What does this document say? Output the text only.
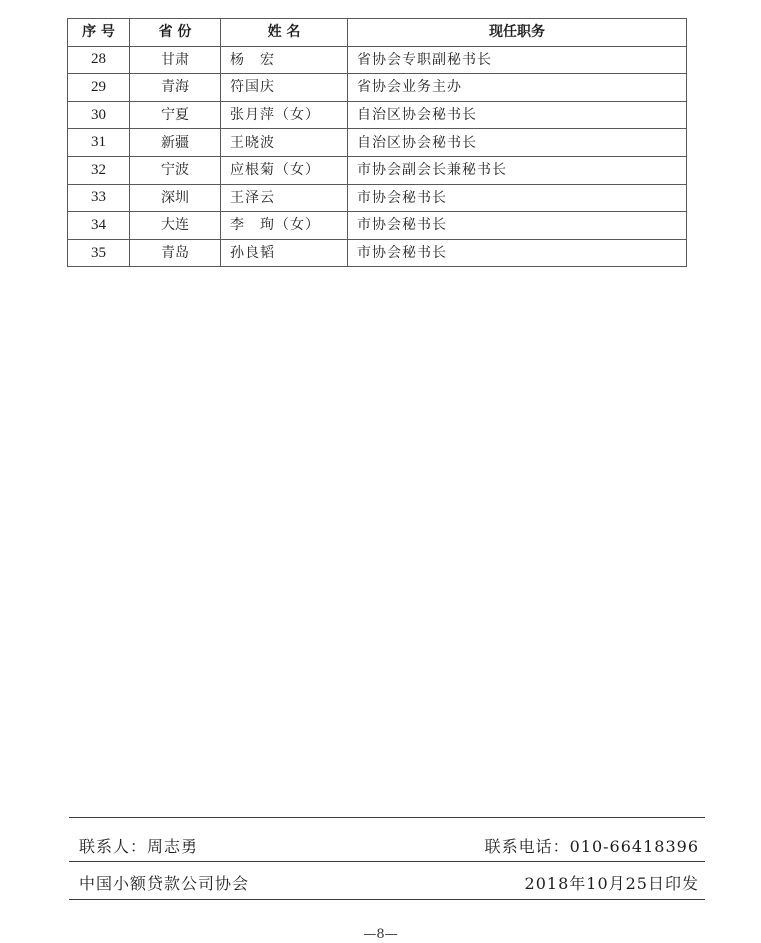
序 号	省 份	姓 名	现任职务
28	甘肃	杨　宏	省协会专职副秘书长
29	青海	符国庆	省协会业务主办
30	宁夏	张月萍（女）	自治区协会秘书长
31	新疆	王晓波	自治区协会秘书长
32	宁波	应根菊（女）	市协会副会长兼秘书长
33	深圳	王泽云	市协会秘书长
34	大连	李　珣（女）	市协会秘书长
35	青岛	孙良韬	市协会秘书长
联系人：周志勇	联系电话：010-66418396
中国小额贷款公司协会	2018年10月25日印发
—8—
